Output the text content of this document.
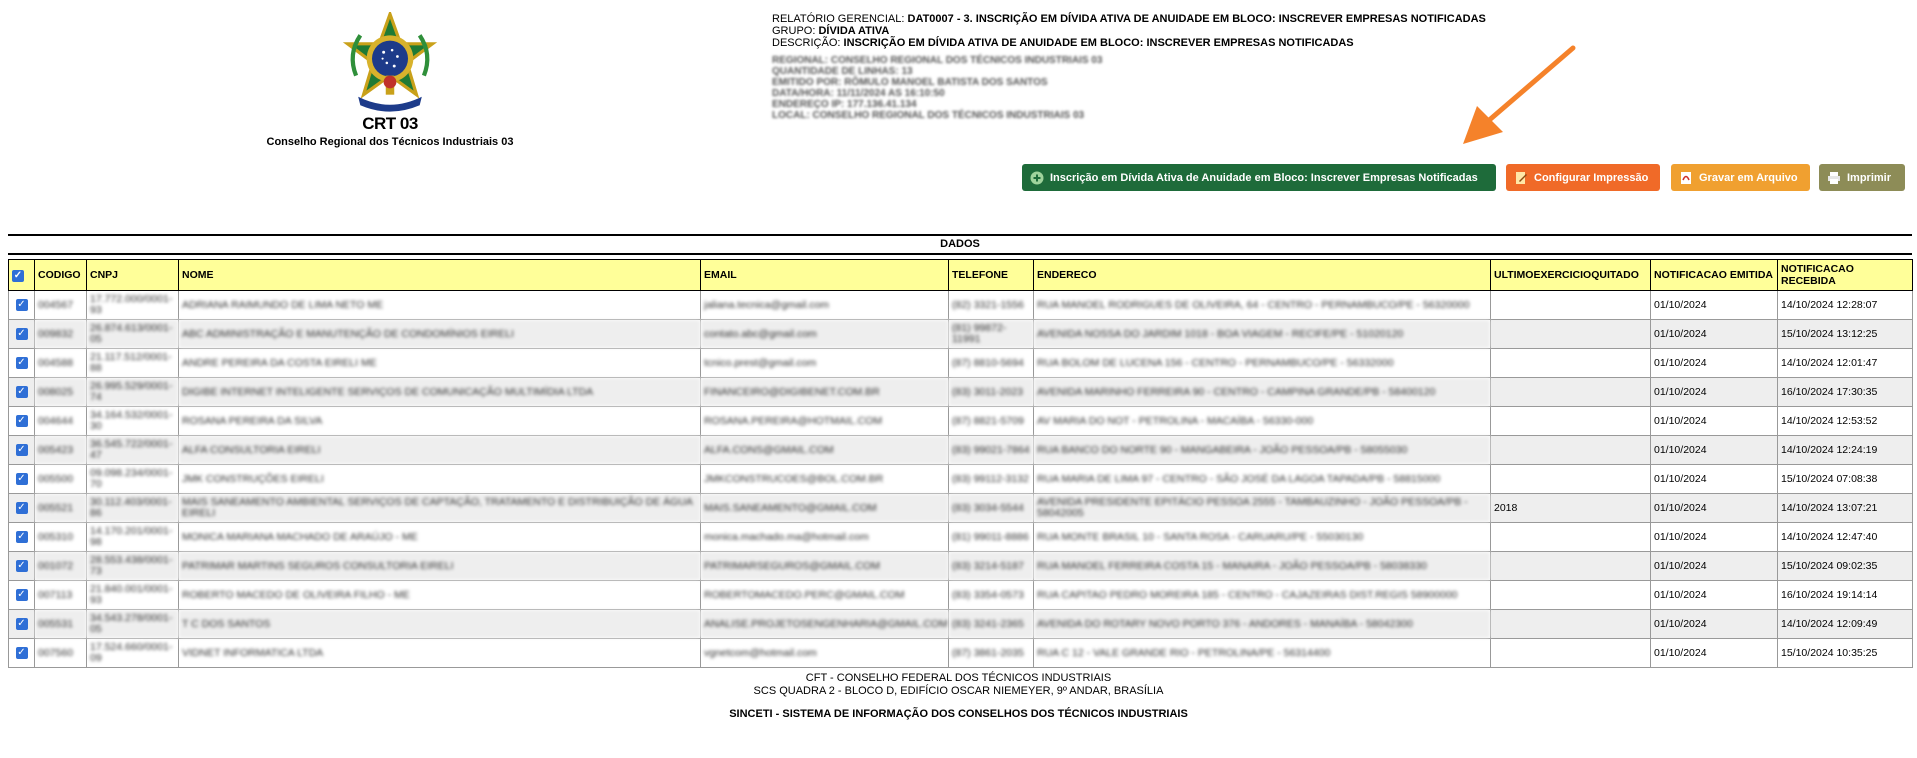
CRT 03
Conselho Regional dos Técnicos Industriais 03
RELATÓRIO GERENCIAL: DAT0007 - 3. INSCRIÇÃO EM DÍVIDA ATIVA DE ANUIDADE EM BLOCO: INSCREVER EMPRESAS NOTIFICADAS
GRUPO: DÍVIDA ATIVA
DESCRIÇÃO: INSCRIÇÃO EM DÍVIDA ATIVA DE ANUIDADE EM BLOCO: INSCREVER EMPRESAS NOTIFICADAS
REGIONAL: CONSELHO REGIONAL DOS TÉCNICOS INDUSTRIAIS 03
QUANTIDADE DE LINHAS: 13
EMITIDO POR: RÔMULO MANOEL BATISTA DOS SANTOS
DATA/HORA: 11/11/2024 AS 16:10:50
ENDEREÇO IP: 177.136.41.134
LOCAL: CONSELHO REGIONAL DOS TÉCNICOS INDUSTRIAIS 03
Inscrição em Dívida Ativa de Anuidade em Bloco: Inscrever Empresas Notificadas	Configurar Impressão	Gravar em Arquivo	Imprimir
DADOS
✓	CODIGO	CNPJ	NOME	EMAIL	TELEFONE	ENDERECO	ULTIMOEXERCICIOQUITADO	NOTIFICACAO EMITIDA	NOTIFICACAO RECEBIDA
✓	004567	17.772.000/0001-93	ADRIANA RAIMUNDO DE LIMA NETO ME	jaliana.tecnica@gmail.com	(82) 3321-1556	RUA MANOEL RODRIGUES DE OLIVEIRA, 64 - CENTRO - PERNAMBUCO/PE - 56320000		01/10/2024	14/10/2024 12:28:07
✓	009832	26.874.613/0001-05	ABC ADMINISTRAÇÃO E MANUTENÇÃO DE CONDOMÍNIOS EIRELI	contato.abc@gmail.com	(81) 99872-11991	AVENIDA NOSSA DO JARDIM 1018 - BOA VIAGEM - RECIFE/PE - 51020120		01/10/2024	15/10/2024 13:12:25
✓	004588	21.117.512/0001-88	ANDRE PEREIRA DA COSTA EIRELI ME	tcnico.prest@gmail.com	(87) 8810-5694	RUA BOLOM DE LUCENA 156 - CENTRO - PERNAMBUCO/PE - 56332000		01/10/2024	14/10/2024 12:01:47
✓	008025	26.995.529/0001-74	DIGIBE INTERNET INTELIGENTE SERVIÇOS DE COMUNICAÇÃO MULTIMÍDIA LTDA	FINANCEIRO@DIGIBENET.COM.BR	(83) 3011-2023	AVENIDA MARINHO FERREIRA 90 - CENTRO - CAMPINA GRANDE/PB - 58400120		01/10/2024	16/10/2024 17:30:35
✓	004644	34.164.532/0001-30	ROSANA PEREIRA DA SILVA	ROSANA.PEREIRA@HOTMAIL.COM	(87) 8821-5709	AV MARIA DO NOT - PETROLINA - MACAÍBA - 56330-000		01/10/2024	14/10/2024 12:53:52
✓	005423	36.545.722/0001-47	ALFA CONSULTORIA EIRELI	ALFA.CONS@GMAIL.COM	(83) 99021-7864	RUA BANCO DO NORTE 90 - MANGABEIRA - JOÃO PESSOA/PB - 58055030		01/10/2024	14/10/2024 12:24:19
✓	005500	09.098.234/0001-70	JMK CONSTRUÇÕES EIRELI	JMKCONSTRUCOES@BOL.COM.BR	(83) 99112-3132	RUA MARIA DE LIMA 97 - CENTRO - SÃO JOSÉ DA LAGOA TAPADA/PB - 58815000		01/10/2024	15/10/2024 07:08:38
✓	005521	30.112.403/0001-86	MAIS SANEAMENTO AMBIENTAL SERVIÇOS DE CAPTAÇÃO, TRATAMENTO E DISTRIBUIÇÃO DE ÁGUA EIRELI	MAIS.SANEAMENTO@GMAIL.COM	(83) 3034-5544	AVENIDA PRESIDENTE EPITÁCIO PESSOA 2555 - TAMBAUZINHO - JOÃO PESSOA/PB - 58042005	2018	01/10/2024	14/10/2024 13:07:21
✓	005310	14.170.201/0001-98	MONICA MARIANA MACHADO DE ARAÚJO - ME	monica.machado.ma@hotmail.com	(81) 99011-8886	RUA MONTE BRASIL 10 - SANTA ROSA - CARUARU/PE - 55030130		01/10/2024	14/10/2024 12:47:40
✓	001072	28.553.438/0001-73	PATRIMAR MARTINS SEGUROS CONSULTORIA EIRELI	PATRIMARSEGUROS@GMAIL.COM	(83) 3214-5187	RUA MANOEL FERREIRA COSTA 15 - MANAIRA - JOÃO PESSOA/PB - 58038330		01/10/2024	15/10/2024 09:02:35
✓	007113	21.840.001/0001-93	ROBERTO MACEDO DE OLIVEIRA FILHO - ME	ROBERTOMACEDO.PERC@GMAIL.COM	(83) 3354-0573	RUA CAPITAO PEDRO MOREIRA 185 - CENTRO - CAJAZEIRAS DIST.REGIS 58900000		01/10/2024	16/10/2024 19:14:14
✓	005531	34.543.278/0001-05	T C DOS SANTOS	ANALISE.PROJETOSENGENHARIA@GMAIL.COM	(83) 3241-2365	AVENIDA DO ROTARY NOVO PORTO 376 - ANDORES - MANAÍBA - 58042300		01/10/2024	14/10/2024 12:09:49
✓	007560	17.524.660/0001-09	VIDNET INFORMATICA LTDA	vgnetcom@hotmail.com	(87) 3861-2035	RUA C 12 - VALE GRANDE RIO - PETROLINA/PE - 56314400		01/10/2024	15/10/2024 10:35:25
CFT - CONSELHO FEDERAL DOS TÉCNICOS INDUSTRIAIS
SCS QUADRA 2 - BLOCO D, EDIFÍCIO OSCAR NIEMEYER, 9º ANDAR, BRASÍLIA
SINCETI - SISTEMA DE INFORMAÇÃO DOS CONSELHOS DOS TÉCNICOS INDUSTRIAIS
